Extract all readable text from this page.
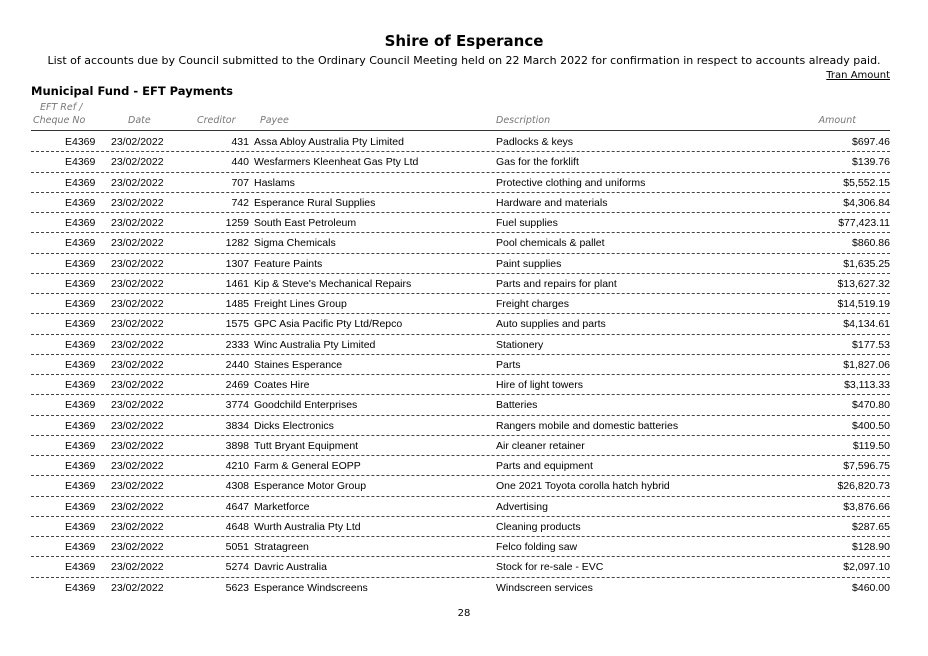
Shire of Esperance
List of accounts due by Council submitted to the Ordinary Council Meeting held on 22 March 2022 for confirmation in respect to accounts already paid.
Tran Amount
Municipal Fund - EFT Payments
EFT Ref /
Cheque No	Date	Creditor	Payee	Description	Amount
E4369 23/02/2022	431 Assa Abloy Australia Pty Limited	Padlocks & keys	$697.46
E4369 23/02/2022	440 Wesfarmers Kleenheat Gas Pty Ltd	Gas for the forklift	$139.76
E4369 23/02/2022	707 Haslams	Protective clothing and uniforms	$5,552.15
E4369 23/02/2022	742 Esperance Rural Supplies	Hardware and materials	$4,306.84
E4369 23/02/2022	1259 South East Petroleum	Fuel supplies	$77,423.11
E4369 23/02/2022	1282 Sigma Chemicals	Pool chemicals & pallet	$860.86
E4369 23/02/2022	1307 Feature Paints	Paint supplies	$1,635.25
E4369 23/02/2022	1461 Kip & Steve's Mechanical Repairs	Parts and repairs for plant	$13,627.32
E4369 23/02/2022	1485 Freight Lines Group	Freight charges	$14,519.19
E4369 23/02/2022	1575 GPC Asia Pacific Pty Ltd/Repco	Auto supplies and parts	$4,134.61
E4369 23/02/2022	2333 Winc Australia Pty Limited	Stationery	$177.53
E4369 23/02/2022	2440 Staines Esperance	Parts	$1,827.06
E4369 23/02/2022	2469 Coates Hire	Hire of light towers	$3,113.33
E4369 23/02/2022	3774 Goodchild Enterprises	Batteries	$470.80
E4369 23/02/2022	3834 Dicks Electronics	Rangers mobile and domestic batteries	$400.50
E4369 23/02/2022	3898 Tutt Bryant Equipment	Air cleaner retainer	$119.50
E4369 23/02/2022	4210 Farm & General EOPP	Parts and equipment	$7,596.75
E4369 23/02/2022	4308 Esperance Motor Group	One 2021 Toyota corolla hatch hybrid	$26,820.73
E4369 23/02/2022	4647 Marketforce	Advertising	$3,876.66
E4369 23/02/2022	4648 Wurth Australia Pty Ltd	Cleaning products	$287.65
E4369 23/02/2022	5051 Stratagreen	Felco folding saw	$128.90
E4369 23/02/2022	5274 Davric Australia	Stock for re-sale - EVC	$2,097.10
E4369 23/02/2022	5623 Esperance Windscreens	Windscreen services	$460.00
28
